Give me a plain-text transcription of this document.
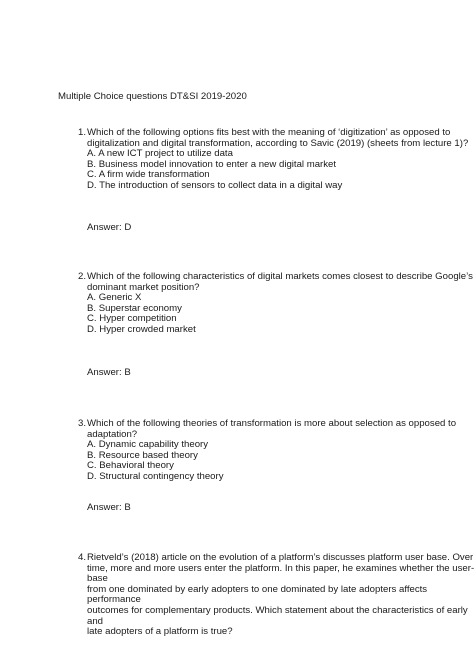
Multiple Choice questions DT&SI 2019-2020
1. Which of the following options fits best with the meaning of ‘digitization’ as opposed to
digitalization and digital transformation, according to Savic (2019) (sheets from lecture 1)?
A. A new ICT project to utilize data
B. Business model innovation to enter a new digital market
C. A firm wide transformation
D. The introduction of sensors to collect data in a digital way
Answer: D
2. Which of the following characteristics of digital markets comes closest to describe Google’s
dominant market position?
A. Generic X
B. Superstar economy
C. Hyper competition
D. Hyper crowded market
Answer: B
3. Which of the following theories of transformation is more about selection as opposed to adaptation?
A. Dynamic capability theory
B. Resource based theory
C. Behavioral theory
D. Structural contingency theory
Answer: B
4. Rietveld’s (2018) article on the evolution of a platform’s discusses platform user base. Over
time, more and more users enter the platform. In this paper, he examines whether the user-base
from one dominated by early adopters to one dominated by late adopters affects performance
outcomes for complementary products. Which statement about the characteristics of early and
late adopters of a platform is true?
